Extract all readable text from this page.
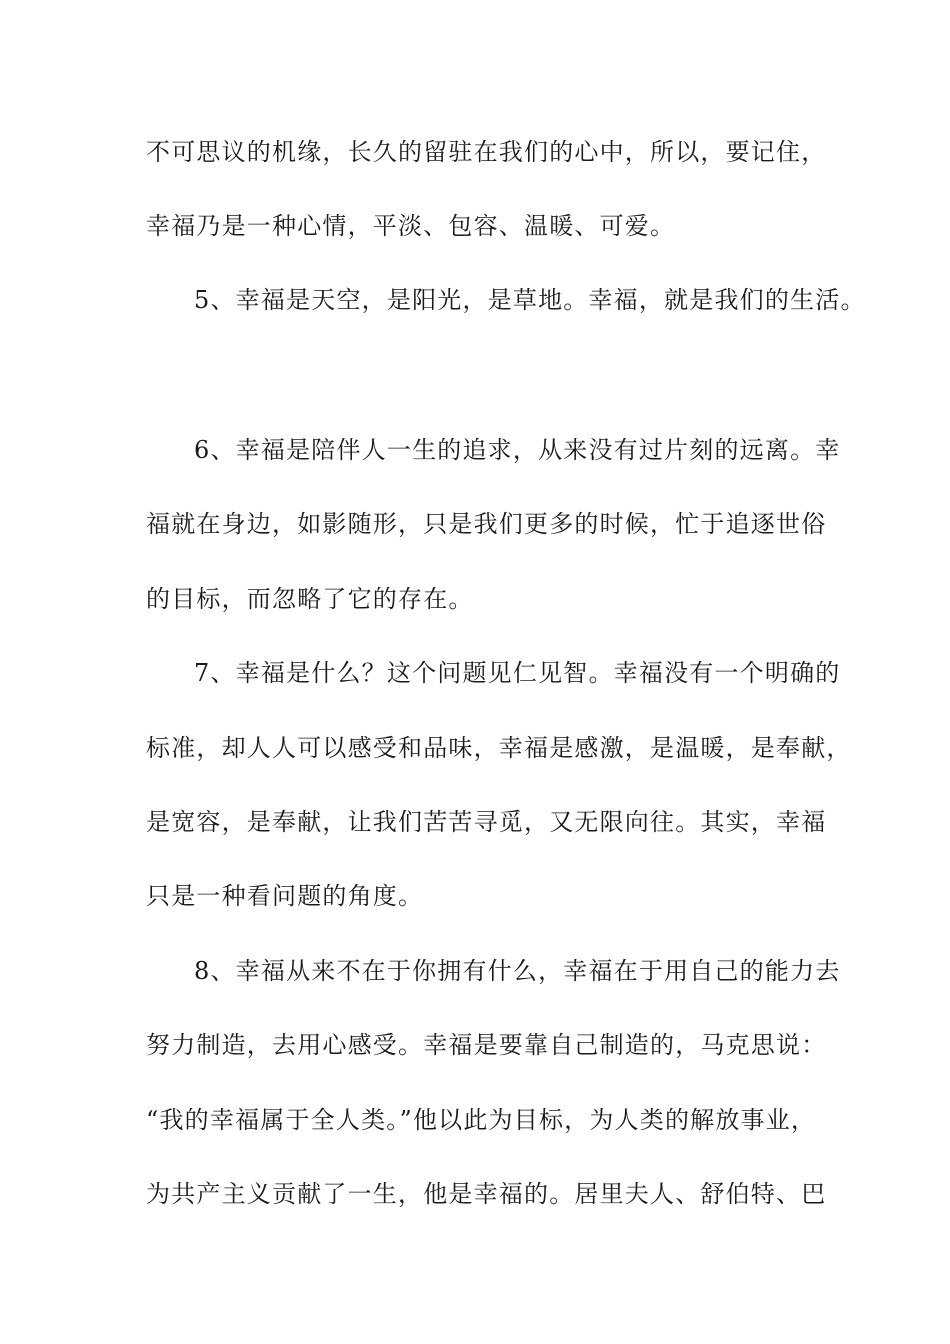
不可思议的机缘，长久的留驻在我们的心中，所以，要记住，
幸福乃是一种心情，平淡、包容、温暖、可爱。
5、幸福是天空，是阳光，是草地。幸福，就是我们的生活。
6、幸福是陪伴人一生的追求，从来没有过片刻的远离。幸
福就在身边，如影随形，只是我们更多的时候，忙于追逐世俗
的目标，而忽略了它的存在。
7、幸福是什么？这个问题见仁见智。幸福没有一个明确的
标准，却人人可以感受和品味，幸福是感激，是温暖，是奉献，
是宽容，是奉献，让我们苦苦寻觅，又无限向往。其实，幸福
只是一种看问题的角度。
8、幸福从来不在于你拥有什么，幸福在于用自己的能力去
努力制造，去用心感受。幸福是要靠自己制造的，马克思说：
“我的幸福属于全人类。”他以此为目标，为人类的解放事业，
为共产主义贡献了一生，他是幸福的。居里夫人、舒伯特、巴
